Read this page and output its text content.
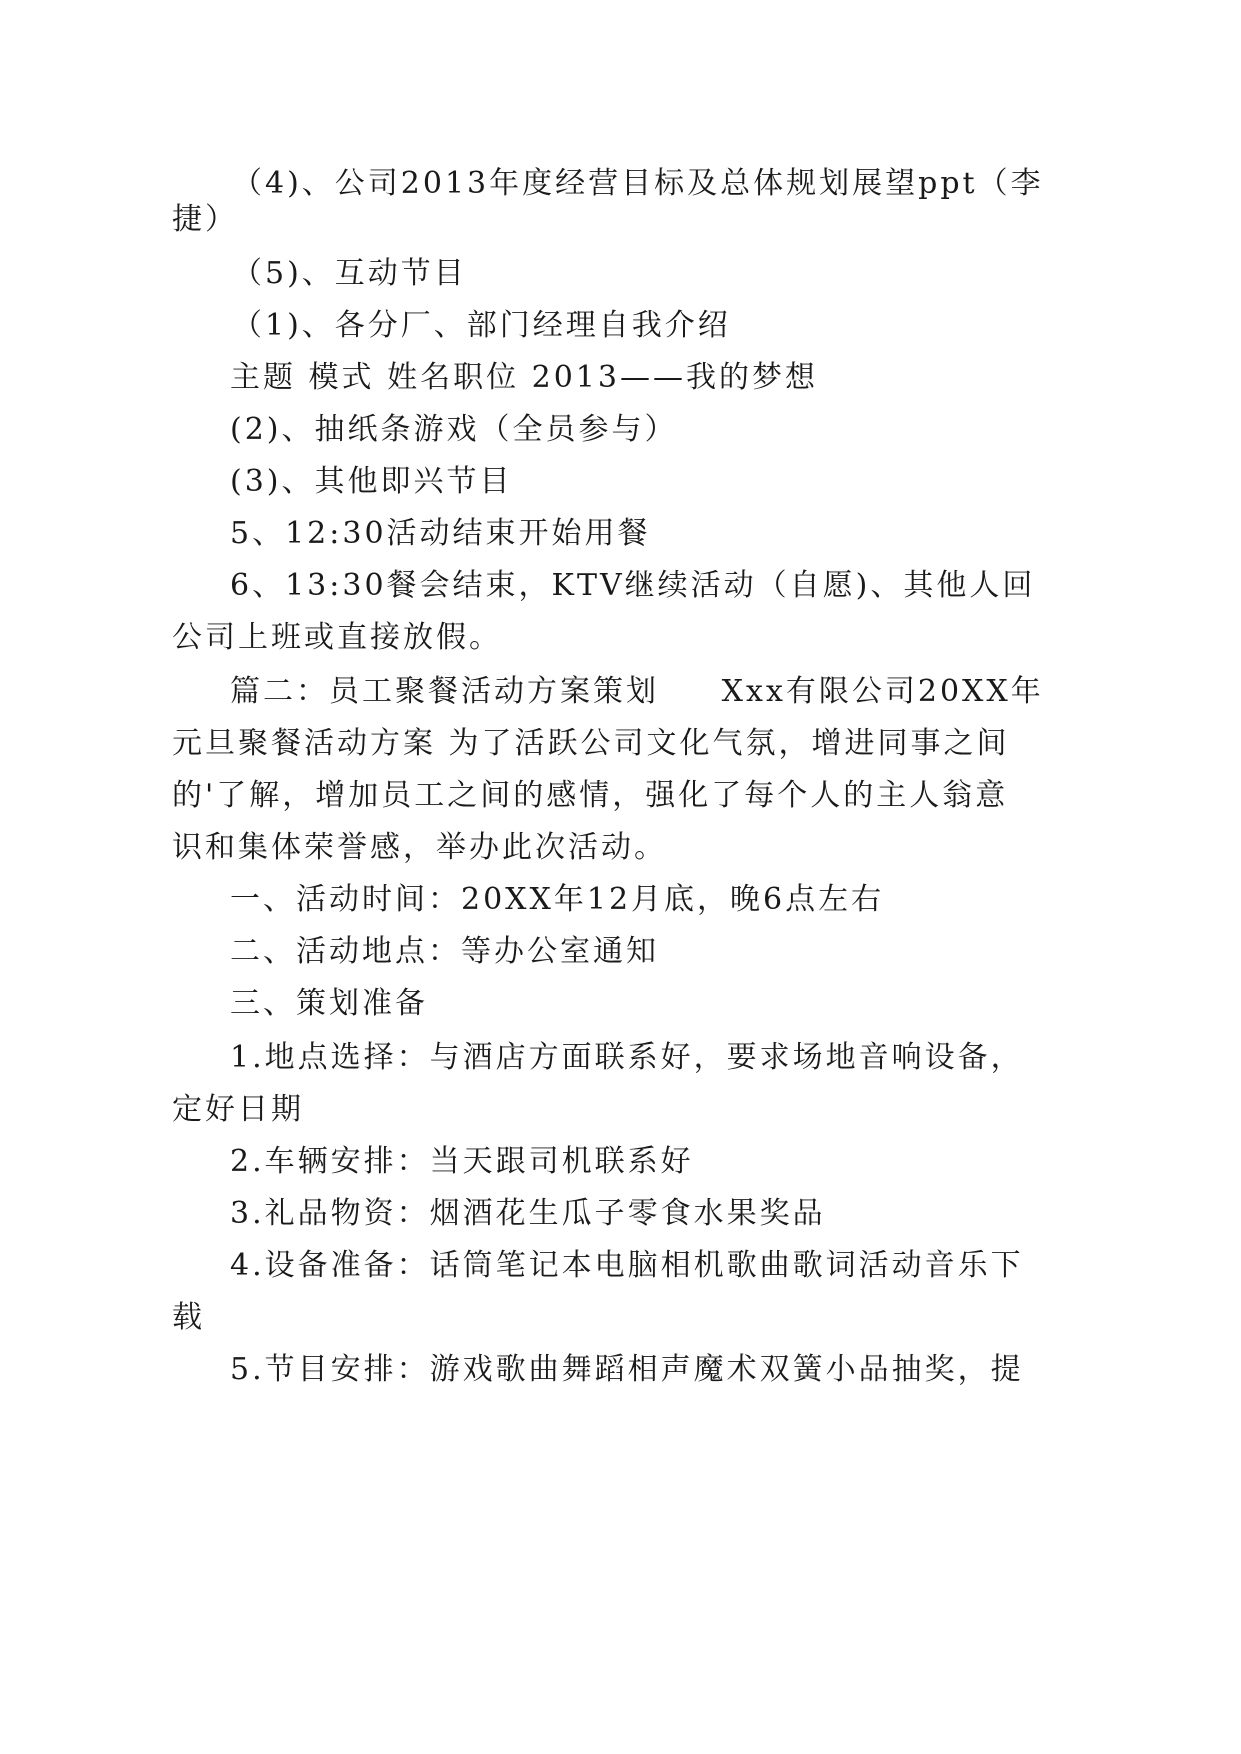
（4)、公司2013年度经营目标及总体规划展望ppt（李
捷）
（5)、互动节目
（1)、各分厂、部门经理自我介绍
主题 模式 姓名职位 2013——我的梦想
(2)、抽纸条游戏（全员参与）
(3)、其他即兴节目
5、12:30活动结束开始用餐
6、13:30餐会结束，KTV继续活动（自愿)、其他人回
公司上班或直接放假。
篇二：员工聚餐活动方案策划     Xxx有限公司20XX年
元旦聚餐活动方案 为了活跃公司文化气氛，增进同事之间
的'了解，增加员工之间的感情，强化了每个人的主人翁意
识和集体荣誉感，举办此次活动。
一、活动时间：20XX年12月底，晚6点左右
二、活动地点：等办公室通知
三、策划准备
1.地点选择：与酒店方面联系好，要求场地音响设备，
定好日期
2.车辆安排：当天跟司机联系好
3.礼品物资：烟酒花生瓜子零食水果奖品
4.设备准备：话筒笔记本电脑相机歌曲歌词活动音乐下
载
5.节目安排：游戏歌曲舞蹈相声魔术双簧小品抽奖，提
